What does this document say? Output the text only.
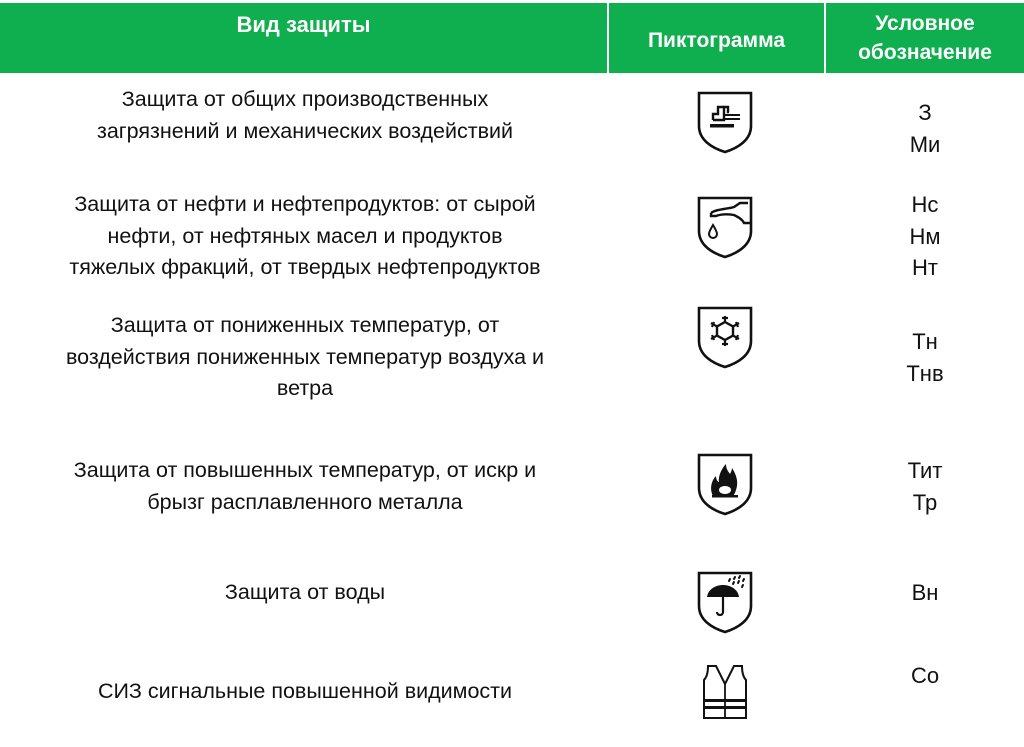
Вид защиты
Пиктограмма
Условное
обозначение
Защита от общих производственных
загрязнений и механических воздействий
З
Ми
Защита от нефти и нефтепродуктов: от сырой
нефти, от нефтяных масел и продуктов
тяжелых фракций, от твердых нефтепродуктов
Нс
Нм
Нт
Защита от пониженных температур, от
воздействия пониженных температур воздуха и
ветра
Тн
Тнв
Защита от повышенных температур, от искр и
брызг расплавленного металла
Тит
Тр
Защита от воды	Вн
СИЗ сигнальные повышенной видимости
Со
